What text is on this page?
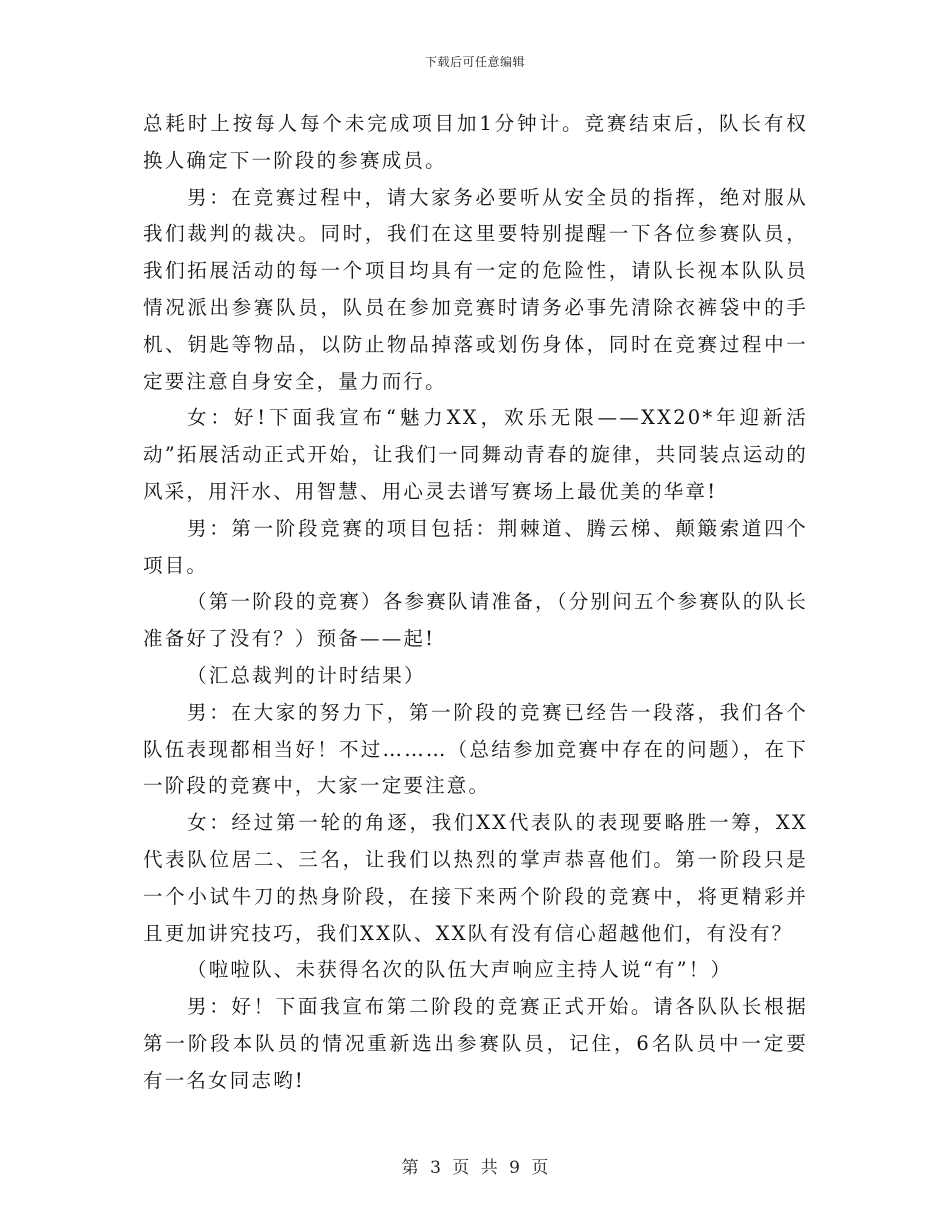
下载后可任意编辑

总耗时上按每人每个未完成项目加1分钟计。竞赛结束后，队长有权换人确定下一阶段的参赛成员。

男：在竞赛过程中，请大家务必要听从安全员的指挥，绝对服从我们裁判的裁决。同时，我们在这里要特别提醒一下各位参赛队员，我们拓展活动的每一个项目均具有一定的危险性，请队长视本队队员情况派出参赛队员，队员在参加竞赛时请务必事先清除衣裤袋中的手机、钥匙等物品，以防止物品掉落或划伤身体，同时在竞赛过程中一定要注意自身安全，量力而行。

女：好!下面我宣布“魅力XX，欢乐无限——XX20*年迎新活动”拓展活动正式开始，让我们一同舞动青春的旋律，共同装点运动的风采，用汗水、用智慧、用心灵去谱写赛场上最优美的华章!

男：第一阶段竞赛的项目包括：荆棘道、腾云梯、颠簸索道四个项目。

（第一阶段的竞赛）各参赛队请准备，（分别问五个参赛队的队长准备好了没有？）预备——起!

（汇总裁判的计时结果）

男：在大家的努力下，第一阶段的竞赛已经告一段落，我们各个队伍表现都相当好！不过………（总结参加竞赛中存在的问题），在下一阶段的竞赛中，大家一定要注意。

女：经过第一轮的角逐，我们XX代表队的表现要略胜一筹，XX代表队位居二、三名，让我们以热烈的掌声恭喜他们。第一阶段只是一个小试牛刀的热身阶段，在接下来两个阶段的竞赛中，将更精彩并且更加讲究技巧，我们XX队、XX队有没有信心超越他们，有没有？

（啦啦队、未获得名次的队伍大声响应主持人说“有”！）

男：好！下面我宣布第二阶段的竞赛正式开始。请各队队长根据第一阶段本队员的情况重新选出参赛队员，记住，6名队员中一定要有一名女同志哟!

第 3 页 共 9 页
